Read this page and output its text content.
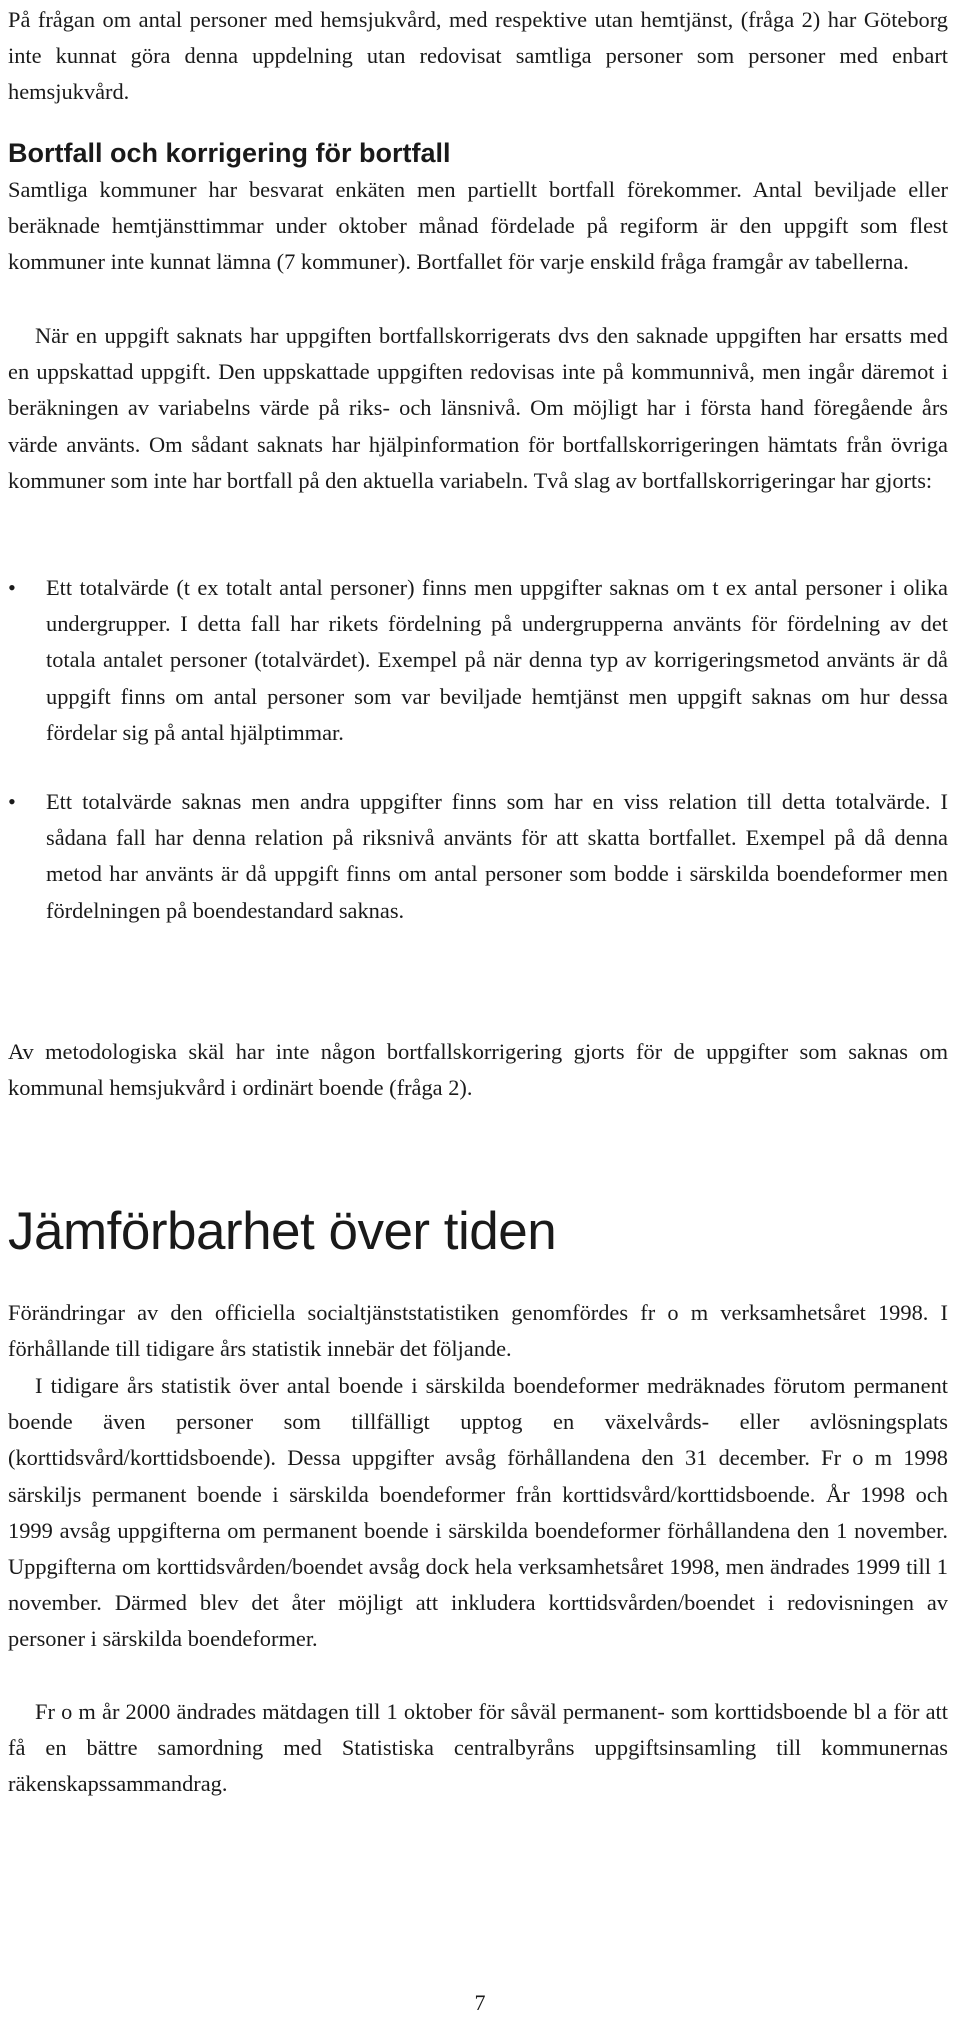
På frågan om antal personer med hemsjukvård, med respektive utan hemtjänst, (fråga 2) har Göteborg inte kunnat göra denna uppdelning utan redovisat samtliga personer som personer med enbart hemsjukvård.

Bortfall och korrigering för bortfall

Samtliga kommuner har besvarat enkäten men partiellt bortfall förekommer. Antal beviljade eller beräknade hemtjänsttimmar under oktober månad fördelade på regiform är den uppgift som flest kommuner inte kunnat lämna (7 kommuner). Bortfallet för varje enskild fråga framgår av tabellerna.

När en uppgift saknats har uppgiften bortfallskorrigerats dvs den saknade uppgiften har ersatts med en uppskattad uppgift. Den uppskattade uppgiften redovisas inte på kommunnivå, men ingår däremot i beräkningen av variabelns värde på riks- och länsnivå. Om möjligt har i första hand föregående års värde använts. Om sådant saknats har hjälpinformation för bortfallskorrigeringen hämtats från övriga kommuner som inte har bortfall på den aktuella variabeln. Två slag av bortfallskorrigeringar har gjorts:

• Ett totalvärde (t ex totalt antal personer) finns men uppgifter saknas om t ex antal personer i olika undergrupper. I detta fall har rikets fördelning på undergrupperna använts för fördelning av det totala antalet personer (totalvärdet). Exempel på när denna typ av korrigeringsmetod använts är då uppgift finns om antal personer som var beviljade hemtjänst men uppgift saknas om hur dessa fördelar sig på antal hjälptimmar.

• Ett totalvärde saknas men andra uppgifter finns som har en viss relation till detta totalvärde. I sådana fall har denna relation på riksnivå använts för att skatta bortfallet. Exempel på då denna metod har använts är då uppgift finns om antal personer som bodde i särskilda boendeformer men fördelningen på boendestandard saknas.

Av metodologiska skäl har inte någon bortfallskorrigering gjorts för de uppgifter som saknas om kommunal hemsjukvård i ordinärt boende (fråga 2).

Jämförbarhet över tiden

Förändringar av den officiella socialtjänststatistiken genomfördes fr o m verksamhetsåret 1998. I förhållande till tidigare års statistik innebär det följande.

I tidigare års statistik över antal boende i särskilda boendeformer medräknades förutom permanent boende även personer som tillfälligt upptog en växelvårds- eller avlösningsplats (korttidsvård/korttidsboende). Dessa uppgifter avsåg förhållandena den 31 december. Fr o m 1998 särskiljs permanent boende i särskilda boendeformer från korttidsvård/korttidsboende. År 1998 och 1999 avsåg uppgifterna om permanent boende i särskilda boendeformer förhållandena den 1 november. Uppgifterna om korttidsvården/boendet avsåg dock hela verksamhetsåret 1998, men ändrades 1999 till 1 november. Därmed blev det åter möjligt att inkludera korttidsvården/boendet i redovisningen av personer i särskilda boendeformer.

Fr o m år 2000 ändrades mätdagen till 1 oktober för såväl permanent- som korttidsboende bl a för att få en bättre samordning med Statistiska centralbyråns uppgiftsinsamling till kommunernas räkenskapssammandrag.

7
